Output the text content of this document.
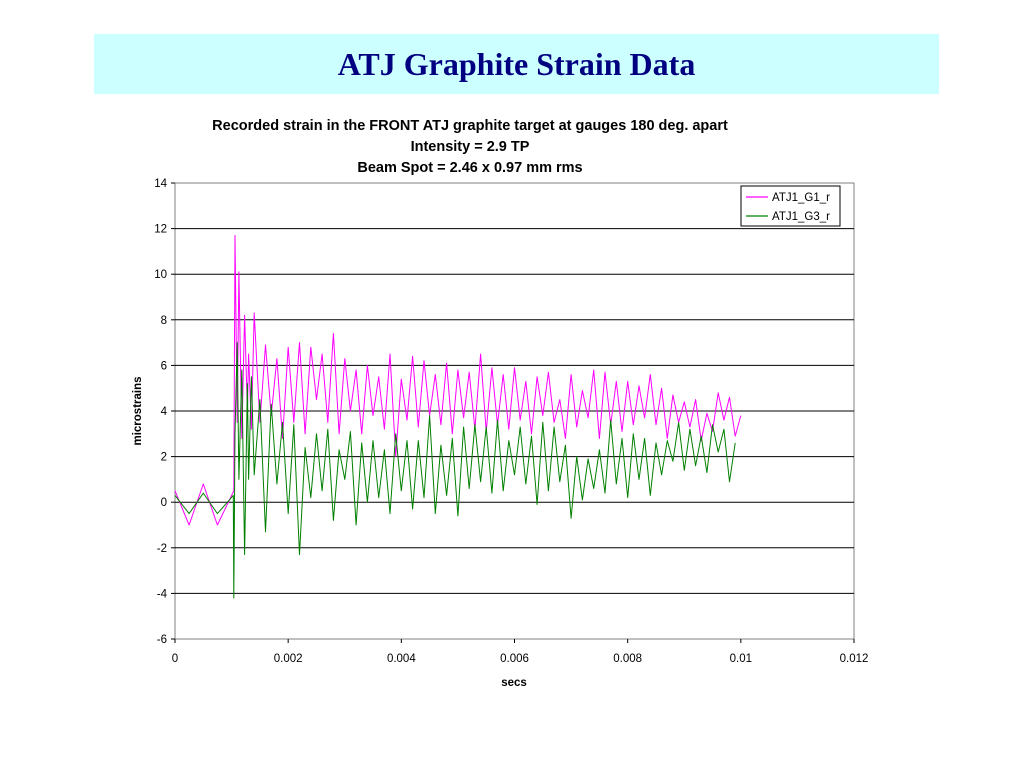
ATJ Graphite Strain Data
Recorded strain in the FRONT ATJ graphite target at gauges 180 deg. apart
Intensity = 2.9 TP
Beam Spot = 2.46 x 0.97 mm rms
14
12
10
8
6
4
2
0
-2
-4
-6
0	0.002	0.004	0.006	0.008	0.01	0.012
microstrains
secs
ATJ1_G1_r
ATJ1_G3_r
